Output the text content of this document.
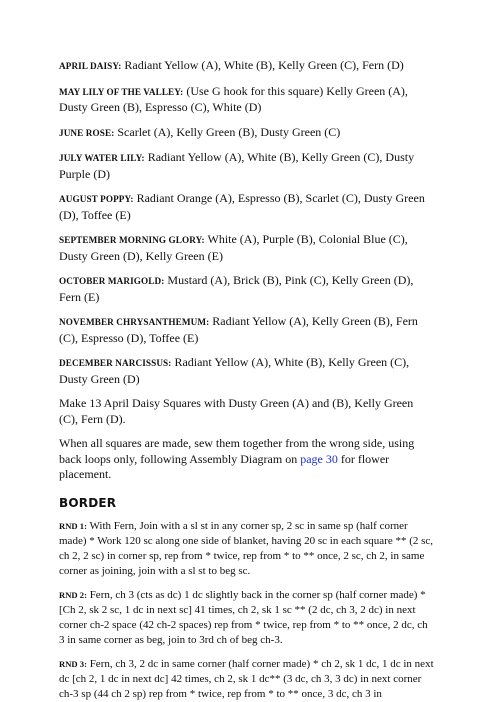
APRIL DAISY: Radiant Yellow (A), White (B), Kelly Green (C), Fern (D)

MAY LILY OF THE VALLEY: (Use G hook for this square) Kelly Green (A), Dusty Green (B), Espresso (C), White (D)

JUNE ROSE: Scarlet (A), Kelly Green (B), Dusty Green (C)

JULY WATER LILY: Radiant Yellow (A), White (B), Kelly Green (C), Dusty Purple (D)

AUGUST POPPY: Radiant Orange (A), Espresso (B), Scarlet (C), Dusty Green (D), Toffee (E)

SEPTEMBER MORNING GLORY: White (A), Purple (B), Colonial Blue (C), Dusty Green (D), Kelly Green (E)

OCTOBER MARIGOLD: Mustard (A), Brick (B), Pink (C), Kelly Green (D), Fern (E)

NOVEMBER CHRYSANTHEMUM: Radiant Yellow (A), Kelly Green (B), Fern (C), Espresso (D), Toffee (E)

DECEMBER NARCISSUS: Radiant Yellow (A), White (B), Kelly Green (C), Dusty Green (D)

Make 13 April Daisy Squares with Dusty Green (A) and (B), Kelly Green (C), Fern (D).

When all squares are made, sew them together from the wrong side, using back loops only, following Assembly Diagram on page 30 for flower placement.

BORDER

RND 1: With Fern, Join with a sl st in any corner sp, 2 sc in same sp (half corner made) * Work 120 sc along one side of blanket, having 20 sc in each square ** (2 sc, ch 2, 2 sc) in corner sp, rep from * twice, rep from * to ** once, 2 sc, ch 2, in same corner as joining, join with a sl st to beg sc.

RND 2: Fern, ch 3 (cts as dc) 1 dc slightly back in the corner sp (half corner made) *[Ch 2, sk 2 sc, 1 dc in next sc] 41 times, ch 2, sk 1 sc ** (2 dc, ch 3, 2 dc) in next corner ch-2 space (42 ch-2 spaces) rep from * twice, rep from * to ** once, 2 dc, ch 3 in same corner as beg, join to 3rd ch of beg ch-3.

RND 3: Fern, ch 3, 2 dc in same corner (half corner made) * ch 2, sk 1 dc, 1 dc in next dc [ch 2, 1 dc in next dc] 42 times, ch 2, sk 1 dc** (3 dc, ch 3, 3 dc) in next corner ch-3 sp (44 ch 2 sp) rep from * twice, rep from * to ** once, 3 dc, ch 3 in
